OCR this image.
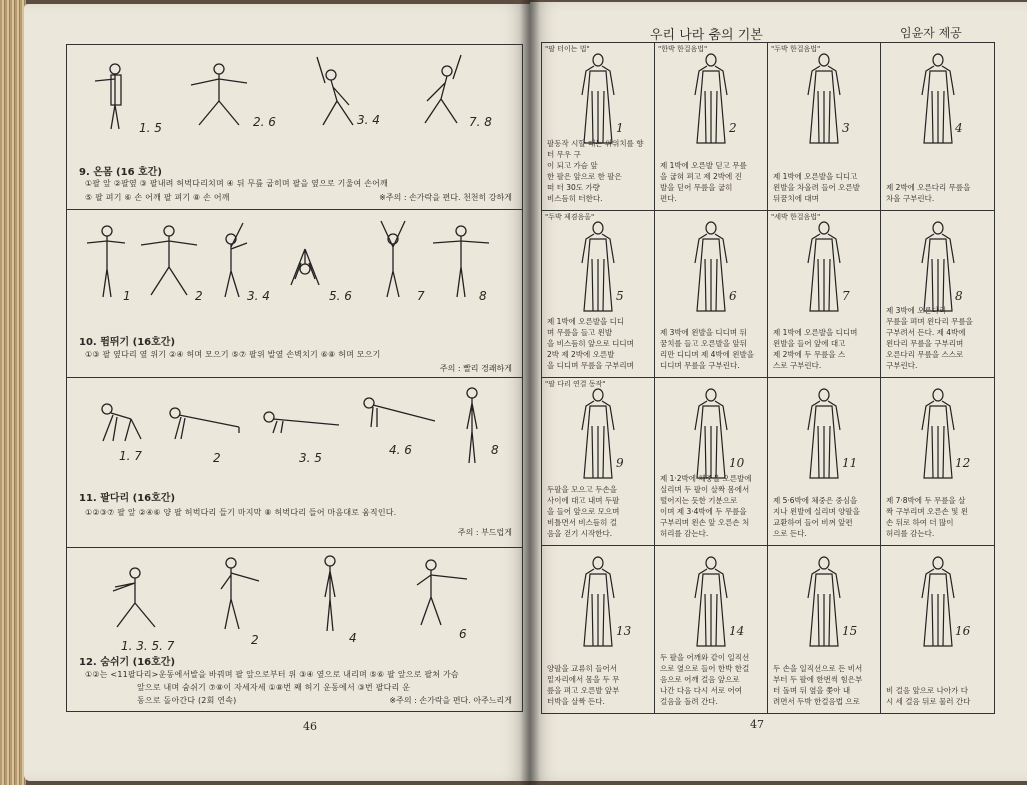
1. 5	2. 6	3. 4	7. 8
9. 온몸 (16 호간)
①팔 앞 ②팔옆 ③ 팔내려 허벅다리치며 ④ 뒤 무릎 굽히며 팔을 옆으로 기울여 손어깨
⑤ 팔 펴기 ⑥ 손 어깨 팔 펴기 ⑧ 손 어깨	※주의 : 손가락을 편다. 천천히 강하게
1	2	3. 4	5. 6	7	8
10. 뜀뛰기 (16호간)
①③ 팔 옆다리 옆 위기 ②④ 허며 모으기 ⑤⑦ 팔위 발옆 손벽치기 ⑥⑧ 허며 모으기
주의 : 빨리 경쾌하게
1. 7	2	3. 5
4. 6	8
11. 팔다리 (16호간)
①②③⑦ 팔 앞 ②④⑥ 양 팔 허벅다리 들기 마지막 ⑧ 허벅다리 들어 마음대로 움직인다.
주의 : 부드럽게
1. 3. 5. 7	2	4	6
12. 숨쉬기 (16호간)
①②는 <11팔다리>운동에서발을 바꿔며 팔 앞으로부터 위 ③④ 옆으로 내리며 ⑤⑥ 팔 앞으로 팔쳐 가슴
앞으로 내며 숨쉬기 ⑦⑧이 자세자세 ①⑧번 째 허기 운동에서 ③번 팔다리 운
동으로 돌아간다 (2회 연속)	※주의 : 손가락을 편다. 아주느리게
46
우리 나라 춤의 기본	임윤자 제공
"팔 터이는 법"
1
팔동작 시할 때는 위위치를 향 터 무우 구
이 되고 가슴 앞
한 팔은 앞으로 한 팔은
떠 터 30도 가량
비스듬히 터한다.
"한박 한걸음법"
2
제 1박에 오른발 딛고 무릎
을 굽혀 펴고 제 2박에 진
발을 딛어 무릎을 굽히
편다.
"두박 한걸음법"
3
제 1박에 오른발을 디디고
왼발을 차올려 들어 오른발
뒤꿈치에 대며
4
제 2박에 오른다리 무릎을
차올 구부린다.
"두박 제겸음올"
5
제 1박에 오른발을 디디
며 무릎을 들고 왼발
을 비스듬히 앞으로 디디며
2박 제 2박에 오른발
을 디디며 무릎을 구부리며
6
제 3박에 왼발을 디디며 뒤
꿈치를 들고 오른발을 앞뒤
리만 디디며 제 4박에 왼발을
디디며 무릎을 구부린다.
"세박 한걸음법"
7
제 1박에 오른발을 디디며
왼발을 들어 앞에 대고
제 2박에 두 무릎을 스
스로 구부린다.
8
제 3박에 오른다리
무릎을 펴며 왼다리 무릎을
구부려서 든다. 제 4박에
왼다리 무릎을 구부리며
오른다리 무릎을 스스로
구부린다.
"팔 다리 연결 동작"
9
두팔을 모으고 두손을
사이에 대고 내며 두팔
을 들어 앞으로 모으며
비틀면서 비스듬히 걸
음을 걷기 시작한다.
10
제 1·2박에 체중을 오른발에
실리며 두 팔이 살짝 몸에서
떨어지는 듯한 기분으로
이며 제 3·4박에 두 무릎을
구부리며 왼손 앞 오른손 처
허리를 감는다.
11
제 5·6박에 체중은 중심을
지나 왼발에 실리며 양팔을
교환하여 들어 비껴 앞편
으로 든다.
12
제 7·8박에 두 무릎을 살
짝 구부리며 오른손 및 왼
손 뒤로 하여 더 많이
허리를 감는다.
13
양팔을 교류히 들어서
밑자리에서 몸을 두 무
릎을 펴고 오른발 앞부
터박을 살짝 든다.
14
두 팔을 어깨와 같이 일직선
으로 옆으로 들어 한박 한걸
음으로 어깨 걸음 앞으로
나간 다음 다시 서로 어여
걸음을 돌려 간다.
15
두 손을 일직선으로 든 비서
부터 두 팔에 한번씩 힘은부
터 돌며 뒤 옆을 쫓아 내
려면서 두박 한걸음법 으로
16
비 걸음 앞으로 나아가 다
시 세 걸음 뒤로 물러 간다
47
